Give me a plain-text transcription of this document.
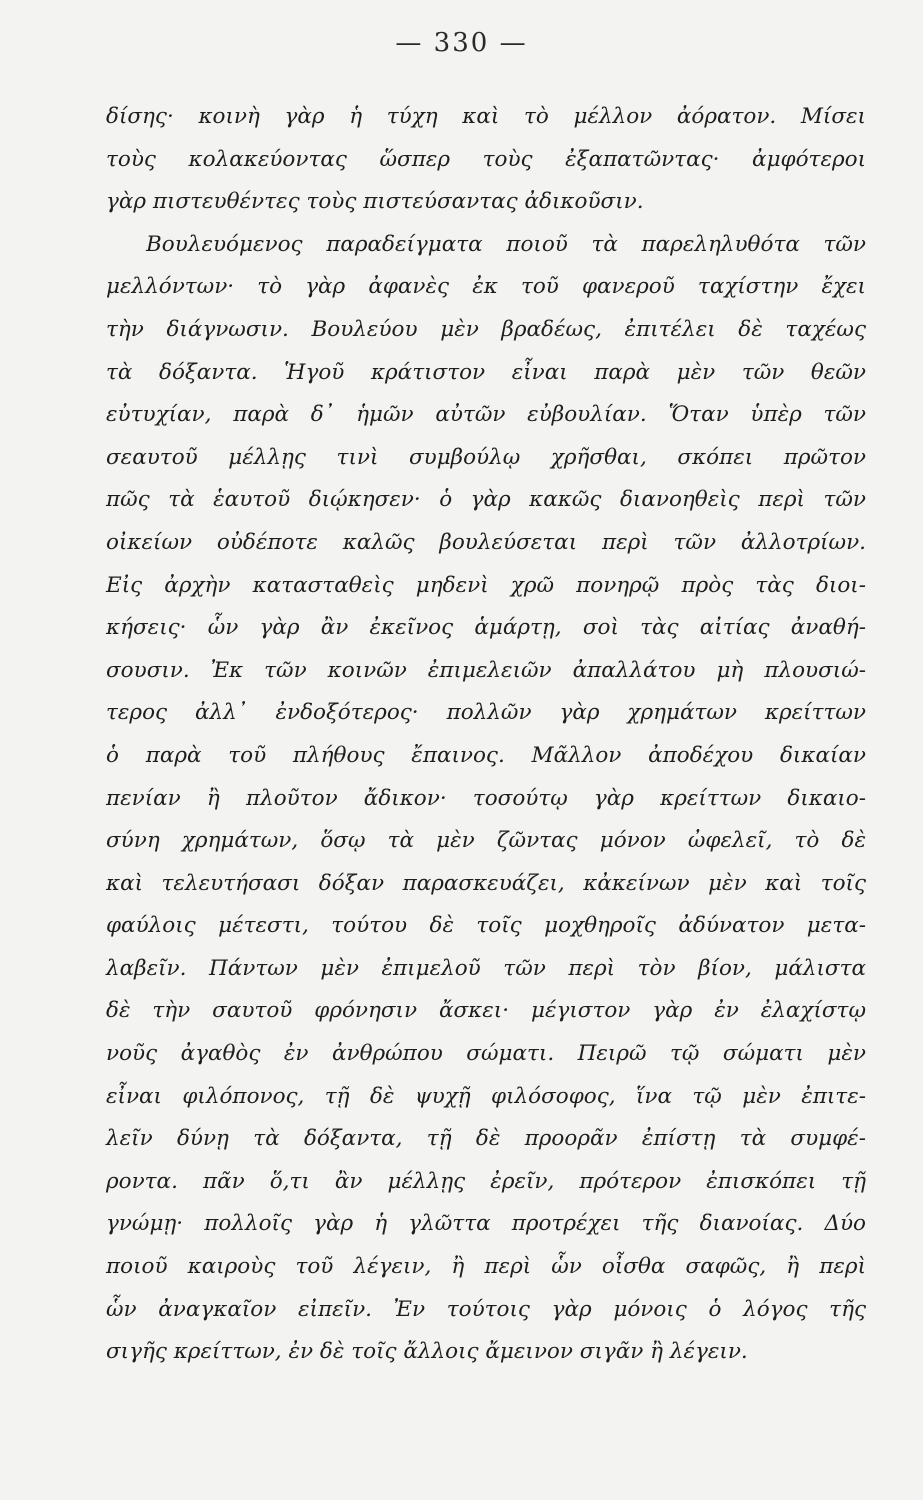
— 330 —
δίσης· κοινὴ γὰρ ἡ τύχη καὶ τὸ μέλλον ἀόρατον. Μίσει
τοὺς κολακεύοντας ὥσπερ τοὺς ἐξαπατῶντας· ἀμφότεροι
γὰρ πιστευθέντες τοὺς πιστεύσαντας ἀδικοῦσιν.
Βουλευόμενος παραδείγματα ποιοῦ τὰ παρεληλυθότα τῶν
μελλόντων· τὸ γὰρ ἀφανὲς ἐκ τοῦ φανεροῦ ταχίστην ἔχει
τὴν διάγνωσιν. Βουλεύου μὲν βραδέως, ἐπιτέλει δὲ ταχέως
τὰ δόξαντα. Ἡγοῦ κράτιστον εἶναι παρὰ μὲν τῶν θεῶν
εὐτυχίαν, παρὰ δ᾽ ἡμῶν αὐτῶν εὐβουλίαν. Ὅταν ὑπὲρ τῶν
σεαυτοῦ μέλλῃς τινὶ συμβούλῳ χρῆσθαι, σκόπει πρῶτον
πῶς τὰ ἑαυτοῦ διῴκησεν· ὁ γὰρ κακῶς διανοηθεὶς περὶ τῶν
οἰκείων οὐδέποτε καλῶς βουλεύσεται περὶ τῶν ἀλλοτρίων.
Εἰς ἀρχὴν κατασταθεὶς μηδενὶ χρῶ πονηρῷ πρὸς τὰς διοι-
κήσεις· ὧν γὰρ ἂν ἐκεῖνος ἁμάρτῃ, σοὶ τὰς αἰτίας ἀναθή-
σουσιν. Ἐκ τῶν κοινῶν ἐπιμελειῶν ἀπαλλάτου μὴ πλουσιώ-
τερος ἀλλ᾽ ἐνδοξότερος· πολλῶν γὰρ χρημάτων κρείττων
ὁ παρὰ τοῦ πλήθους ἔπαινος. Μᾶλλον ἀποδέχου δικαίαν
πενίαν ἢ πλοῦτον ἄδικον· τοσούτῳ γὰρ κρείττων δικαιο-
σύνη χρημάτων, ὅσῳ τὰ μὲν ζῶντας μόνον ὠφελεῖ, τὸ δὲ
καὶ τελευτήσασι δόξαν παρασκευάζει, κἀκείνων μὲν καὶ τοῖς
φαύλοις μέτεστι, τούτου δὲ τοῖς μοχθηροῖς ἀδύνατον μετα-
λαβεῖν. Πάντων μὲν ἐπιμελοῦ τῶν περὶ τὸν βίον, μάλιστα
δὲ τὴν σαυτοῦ φρόνησιν ἄσκει· μέγιστον γὰρ ἐν ἐλαχίστῳ
νοῦς ἀγαθὸς ἐν ἀνθρώπου σώματι. Πειρῶ τῷ σώματι μὲν
εἶναι φιλόπονος, τῇ δὲ ψυχῇ φιλόσοφος, ἵνα τῷ μὲν ἐπιτε-
λεῖν δύνῃ τὰ δόξαντα, τῇ δὲ προορᾶν ἐπίστῃ τὰ συμφέ-
ροντα. πᾶν ὅ,τι ἂν μέλλῃς ἐρεῖν, πρότερον ἐπισκόπει τῇ
γνώμῃ· πολλοῖς γὰρ ἡ γλῶττα προτρέχει τῆς διανοίας. Δύο
ποιοῦ καιροὺς τοῦ λέγειν, ἢ περὶ ὧν οἶσθα σαφῶς, ἢ περὶ
ὧν ἀναγκαῖον εἰπεῖν. Ἐν τούτοις γὰρ μόνοις ὁ λόγος τῆς
σιγῆς κρείττων, ἐν δὲ τοῖς ἄλλοις ἄμεινον σιγᾶν ἢ λέγειν.
